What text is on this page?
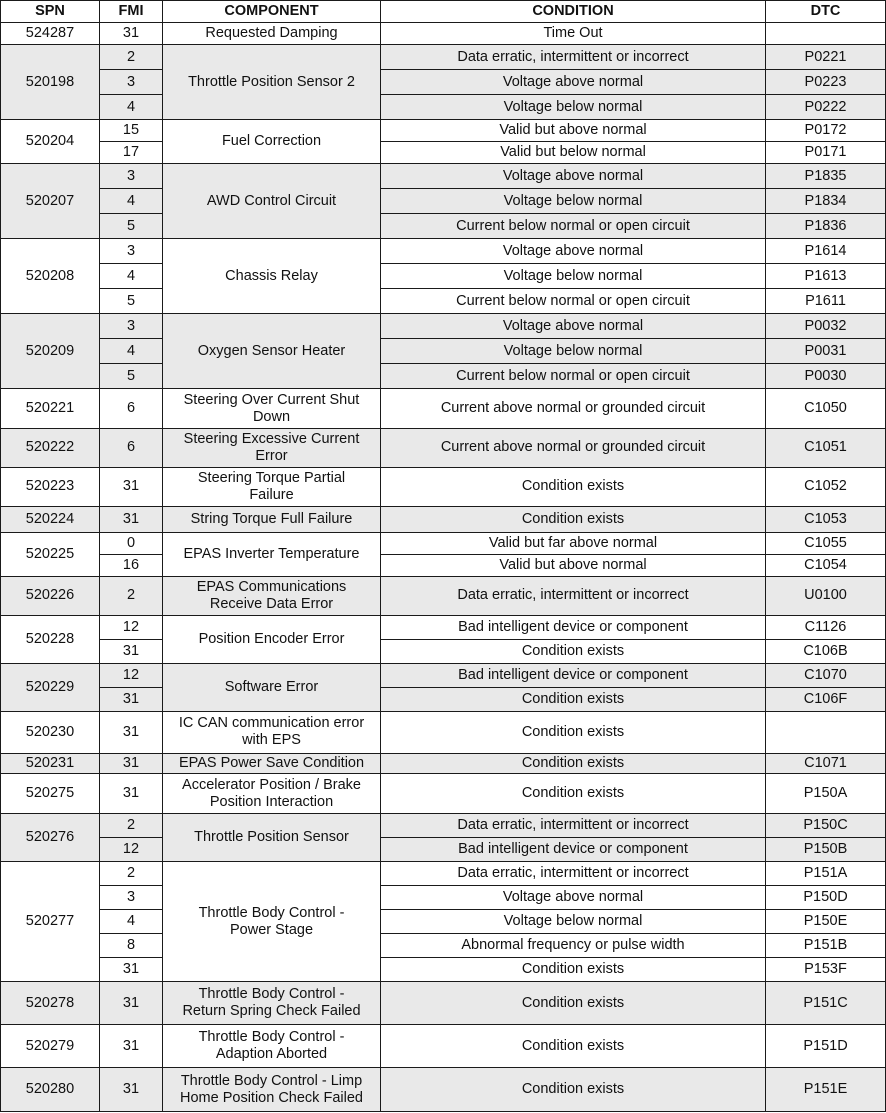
SPN	FMI	COMPONENT	CONDITION	DTC
524287	31	Requested Damping	Time Out	
520198	2	Throttle Position Sensor 2	Data erratic, intermittent or incorrect	P0221
	3		Voltage above normal	P0223
	4		Voltage below normal	P0222
520204	15	Fuel Correction	Valid but above normal	P0172
	17		Valid but below normal	P0171
520207	3	AWD Control Circuit	Voltage above normal	P1835
	4		Voltage below normal	P1834
	5		Current below normal or open circuit	P1836
520208	3	Chassis Relay	Voltage above normal	P1614
	4		Voltage below normal	P1613
	5		Current below normal or open circuit	P1611
520209	3	Oxygen Sensor Heater	Voltage above normal	P0032
	4		Voltage below normal	P0031
	5		Current below normal or open circuit	P0030
520221	6	Steering Over Current Shut
Down	Current above normal or grounded circuit	C1050
520222	6	Steering Excessive Current
Error	Current above normal or grounded circuit	C1051
520223	31	Steering Torque Partial
Failure	Condition exists	C1052
520224	31	String Torque Full Failure	Condition exists	C1053
520225	0	EPAS Inverter Temperature	Valid but far above normal	C1055
	16		Valid but above normal	C1054
520226	2	EPAS Communications
Receive Data Error	Data erratic, intermittent or incorrect	U0100
520228	12	Position Encoder Error	Bad intelligent device or component	C1126
	31		Condition exists	C106B
520229	12	Software Error	Bad intelligent device or component	C1070
	31		Condition exists	C106F
520230	31	IC CAN communication error
with EPS	Condition exists	
520231	31	EPAS Power Save Condition	Condition exists	C1071
520275	31	Accelerator Position / Brake
Position Interaction	Condition exists	P150A
520276	2	Throttle Position Sensor	Data erratic, intermittent or incorrect	P150C
	12		Bad intelligent device or component	P150B
520277	2	Throttle Body Control -
Power Stage	Data erratic, intermittent or incorrect	P151A
	3		Voltage above normal	P150D
	4		Voltage below normal	P150E
	8		Abnormal frequency or pulse width	P151B
	31		Condition exists	P153F
520278	31	Throttle Body Control -
Return Spring Check Failed	Condition exists	P151C
520279	31	Throttle Body Control -
Adaption Aborted	Condition exists	P151D
520280	31	Throttle Body Control - Limp
Home Position Check Failed	Condition exists	P151E
